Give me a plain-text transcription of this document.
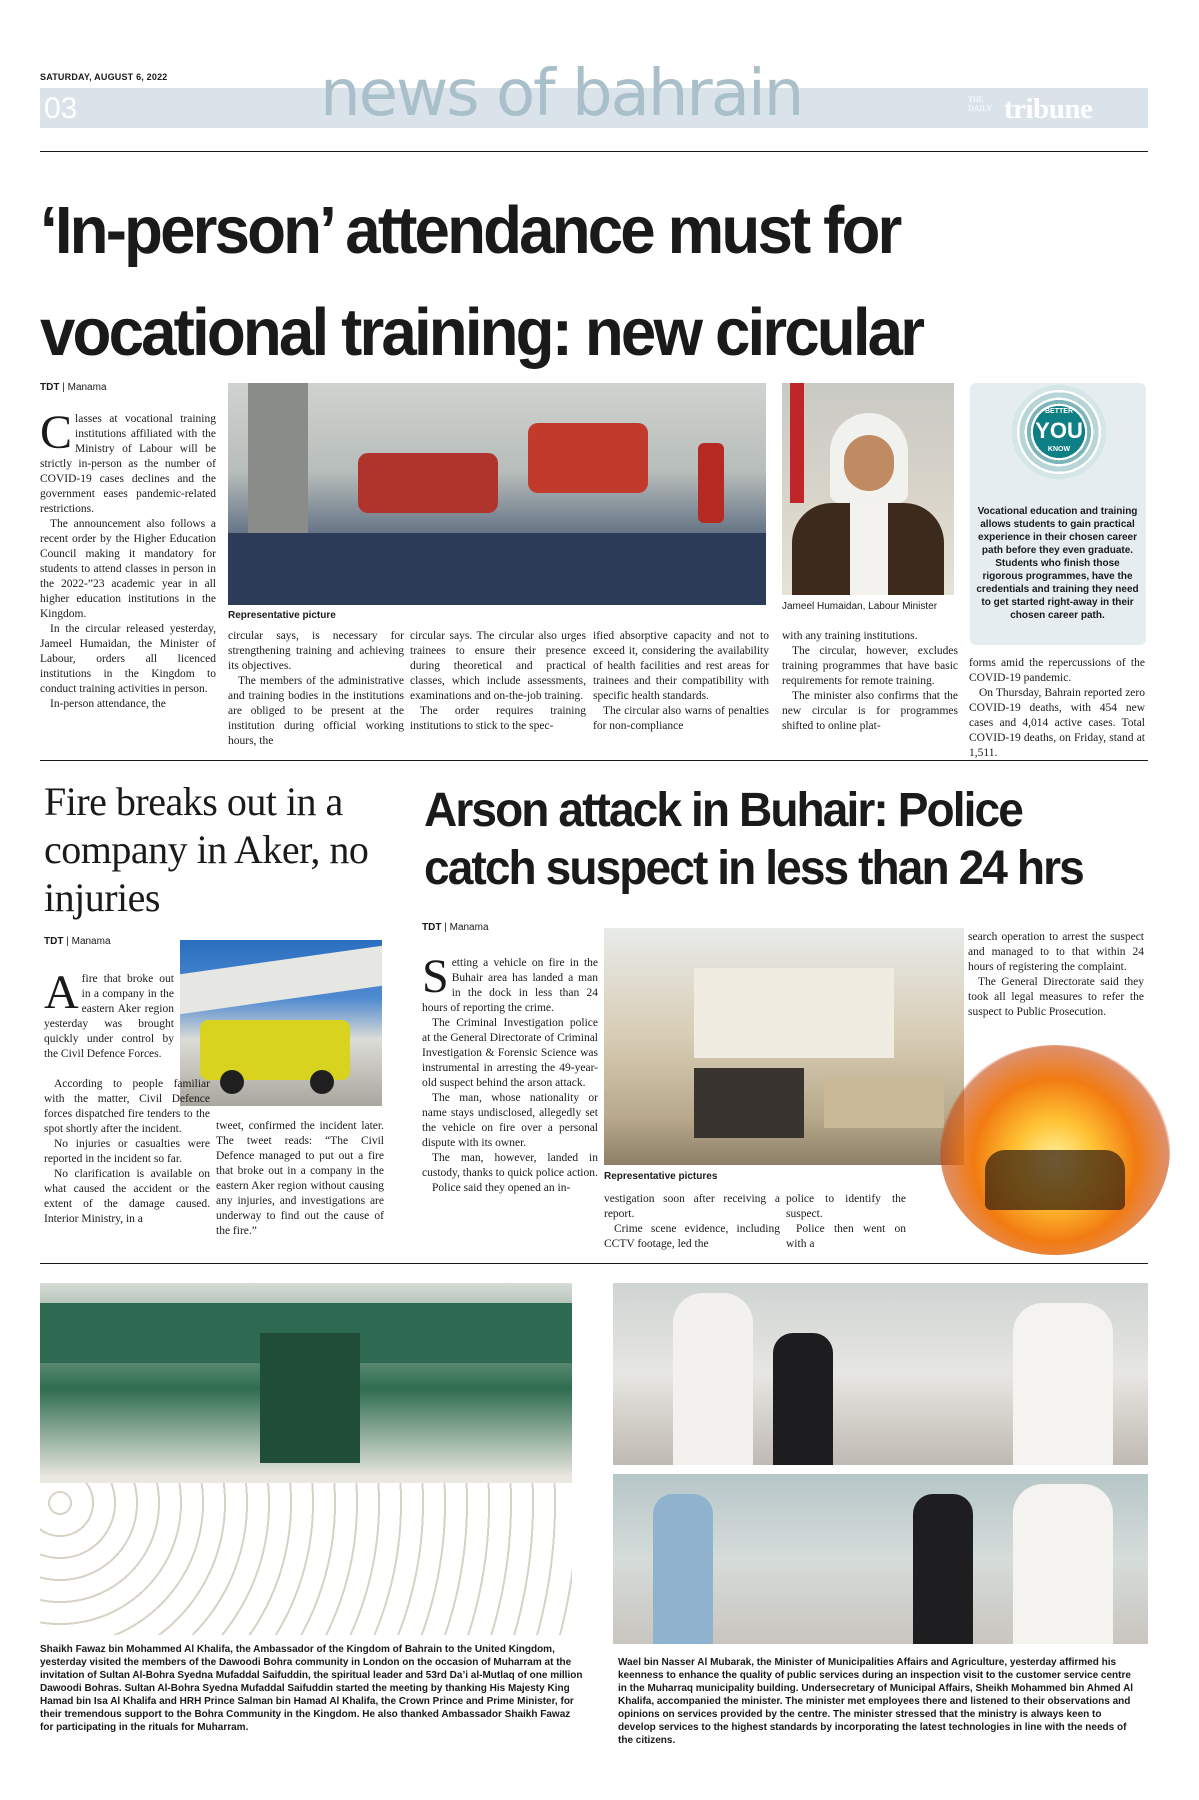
SATURDAY, AUGUST 6, 2022
03	news of bahrain	THE DAILY tribune
‘In-person’ attendance must for
vocational training: new circular
TDT | Manama

Classes at vocational training institutions affiliated with the Ministry of Labour will be strictly in-person as the number of COVID-19 cases declines and the government eases pandemic-related restrictions.

The announcement also follows a recent order by the Higher Education Council making it mandatory for students to attend classes in person in the 2022-”23 academic year in all higher education institutions in the Kingdom.

In the circular released yesterday, Jameel Humaidan, the Minister of Labour, orders all licenced institutions in the Kingdom to conduct training activities in person.

In-person attendance, the

Representative picture
Jameel Humaidan, Labour Minister
BETTER
YOU
KNOW
Vocational education and training allows students to gain practical experience in their chosen career path before they even graduate. Students who finish those rigorous programmes, have the credentials and training they need to get started right-away in their chosen career path.

circular says, is necessary for strengthening training and achieving its objectives.

The members of the administrative and training bodies in the institutions are obliged to be present at the institution during official working hours, the

circular says. The circular also urges trainees to ensure their presence during theoretical and practical classes, which include assessments, examinations and on-the-job training.

The order requires training institutions to stick to the spec-

ified absorptive capacity and not to exceed it, considering the availability of health facilities and rest areas for trainees and their compatibility with specific health standards.

The circular also warns of penalties for non-compliance

with any training institutions.

The circular, however, excludes training programmes that have basic requirements for remote training.

The minister also confirms that the new circular is for programmes shifted to online plat-

forms amid the repercussions of the COVID-19 pandemic.

On Thursday, Bahrain reported zero COVID-19 deaths, with 454 new cases and 4,014 active cases. Total COVID-19 deaths, on Friday, stand at 1,511.

Fire breaks out in a company in Aker, no injuries
TDT | Manama

Afire that broke out in a company in the eastern Aker region yesterday was brought quickly under control by the Civil Defence Forces.

According to people familiar with the matter, Civil Defence forces dispatched fire tenders to the spot shortly after the incident.

No injuries or casualties were reported in the incident so far.

No clarification is available on what caused the accident or the extent of the damage caused. Interior Ministry, in a

tweet, confirmed the incident later. The tweet reads: “The Civil Defence managed to put out a fire that broke out in a company in the eastern Aker region without causing any injuries, and investigations are underway to find out the cause of the fire.”

Arson attack in Buhair: Police
catch suspect in less than 24 hrs
TDT | Manama

Setting a vehicle on fire in the Buhair area has landed a man in the dock in less than 24 hours of reporting the crime.

The Criminal Investigation police at the General Directorate of Criminal Investigation & Forensic Science was instrumental in arresting the 49-year-old suspect behind the arson attack.

The man, whose nationality or name stays undisclosed, allegedly set the vehicle on fire over a personal dispute with its owner.

The man, however, landed in custody, thanks to quick police action.

Police said they opened an in-

search operation to arrest the suspect and managed to to that within 24 hours of registering the complaint.

The General Directorate said they took all legal measures to refer the suspect to Public Prosecution.

Representative pictures

vestigation soon after receiving a report.

Crime scene evidence, including CCTV footage, led the

police to identify the suspect.

Police then went on with a

Shaikh Fawaz bin Mohammed Al Khalifa, the Ambassador of the Kingdom of Bahrain to the United Kingdom, yesterday visited the members of the Dawoodi Bohra community in London on the occasion of Muharram at the invitation of Sultan Al-Bohra Syedna Mufaddal Saifuddin, the spiritual leader and 53rd Da’i al-Mutlaq of one million Dawoodi Bohras. Sultan Al-Bohra Syedna Mufaddal Saifuddin started the meeting by thanking His Majesty King Hamad bin Isa Al Khalifa and HRH Prince Salman bin Hamad Al Khalifa, the Crown Prince and Prime Minister, for their tremendous support to the Bohra Community in the Kingdom. He also thanked Ambassador Shaikh Fawaz for participating in the rituals for Muharram.
Wael bin Nasser Al Mubarak, the Minister of Municipalities Affairs and Agriculture, yesterday affirmed his keenness to enhance the quality of public services during an inspection visit to the customer service centre in the Muharraq municipality building. Undersecretary of Municipal Affairs, Sheikh Mohammed bin Ahmed Al Khalifa, accompanied the minister. The minister met employees there and listened to their observations and opinions on services provided by the centre. The minister stressed that the ministry is always keen to develop services to the highest standards by incorporating the latest technologies in line with the needs of the citizens.
